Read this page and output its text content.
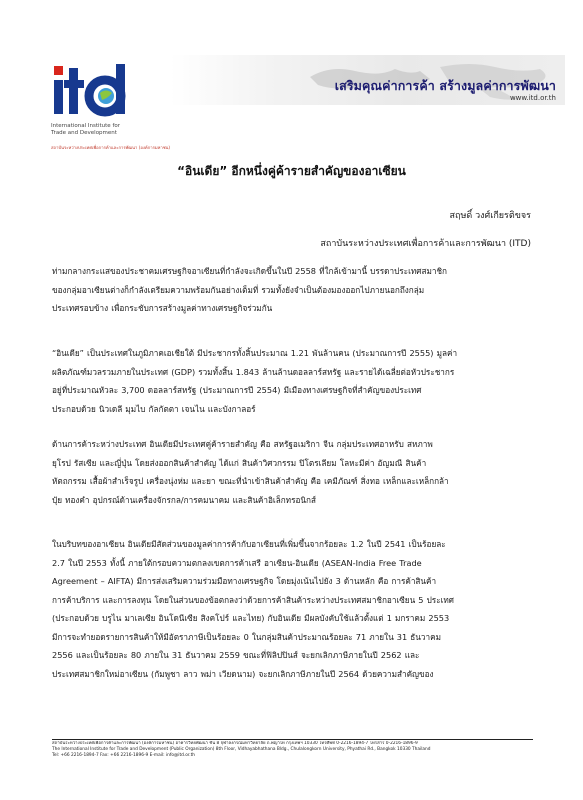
International Institute for
Trade and Development
สถาบันระหว่างประเทศเพื่อการค้าและการพัฒนา (องค์การมหาชน)
เสริมคุณค่าการค้า สร้างมูลค่าการพัฒนา
www.itd.or.th
“อินเดีย” อีกหนึ่งคู่ค้ารายสำคัญของอาเซียน
สฤษดิ์ วงศ์เกียรติขจร
สถาบันระหว่างประเทศเพื่อการค้าและการพัฒนา (ITD)
ท่ามกลางกระแสของประชาคมเศรษฐกิจอาเซียนที่กำลังจะเกิดขึ้นในปี 2558 ที่ใกล้เข้ามานี้ บรรดาประเทศสมาชิก
ของกลุ่มอาเซียนต่างก็กำลังเตรียมความพร้อมกันอย่างเต็มที่ รวมทั้งยังจำเป็นต้องมองออกไปภายนอกถึงกลุ่ม
ประเทศรอบข้าง เพื่อกระชับการสร้างมูลค่าทางเศรษฐกิจร่วมกัน
“อินเดีย” เป็นประเทศในภูมิภาคเอเชียใต้ มีประชากรทั้งสิ้นประมาณ 1.21 พันล้านคน (ประมาณการปี 2555) มูลค่า
ผลิตภัณฑ์มวลรวมภายในประเทศ (GDP) รวมทั้งสิ้น 1.843 ล้านล้านดอลลาร์สหรัฐ และรายได้เฉลี่ยต่อหัวประชากร
อยู่ที่ประมาณหัวละ 3,700 ดอลลาร์สหรัฐ (ประมาณการปี 2554) มีเมืองทางเศรษฐกิจที่สำคัญของประเทศ
ประกอบด้วย นิวเดลี มุมไบ กัลกัตตา เจนไน และบังกาลอร์
ด้านการค้าระหว่างประเทศ อินเดียมีประเทศคู่ค้ารายสำคัญ คือ สหรัฐอเมริกา จีน กลุ่มประเทศอาหรับ สหภาพ
ยุโรป รัสเซีย และญี่ปุ่น โดยส่งออกสินค้าสำคัญ ได้แก่ สินค้าวิศวกรรม ปิโตรเลียม โลหะมีค่า อัญมณี สินค้า
หัตถกรรม เสื้อผ้าสำเร็จรูป เครื่องนุ่งห่ม และยา ขณะที่นำเข้าสินค้าสำคัญ คือ เคมีภัณฑ์ สิ่งทอ เหล็กและเหล็กกล้า
ปุ๋ย ทองคำ อุปกรณ์ด้านเครื่องจักรกล/การคมนาคม และสินค้าอิเล็กทรอนิกส์
ในบริบทของอาเซียน อินเดียมีสัดส่วนของมูลค่าการค้ากับอาเซียนที่เพิ่มขึ้นจากร้อยละ 1.2 ในปี 2541 เป็นร้อยละ
2.7 ในปี 2553 ทั้งนี้ ภายใต้กรอบความตกลงเขตการค้าเสรี อาเซียน-อินเดีย (ASEAN-India Free Trade
Agreement – AIFTA) มีการส่งเสริมความร่วมมือทางเศรษฐกิจ โดยมุ่งเน้นไปยัง 3 ด้านหลัก คือ การค้าสินค้า
การค้าบริการ และการลงทุน โดยในส่วนของข้อตกลงว่าด้วยการค้าสินค้าระหว่างประเทศสมาชิกอาเซียน 5 ประเทศ
(ประกอบด้วย บรูไน มาเลเซีย อินโดนีเซีย สิงคโปร์ และไทย) กับอินเดีย มีผลบังคับใช้แล้วตั้งแต่ 1 มกราคม 2553
มีการจะทำยอดรายการสินค้าให้มีอัตราภาษีเป็นร้อยละ 0 ในกลุ่มสินค้าประมาณร้อยละ 71 ภายใน 31 ธันวาคม
2556 และเป็นร้อยละ 80 ภายใน 31 ธันวาคม 2559 ขณะที่ฟิลิปปินส์ จะยกเลิกภาษีภายในปี 2562 และ
ประเทศสมาชิกใหม่อาเซียน (กัมพูชา ลาว พม่า เวียดนาม) จะยกเลิกภาษีภายในปี 2564 ด้วยความสำคัญของ
สถาบันระหว่างประเทศเพื่อการค้าและการพัฒนา (องค์การมหาชน) อาคารวิทยพัฒนา ชั้น 8 จุฬาลงกรณ์มหาวิทยาลัย ถ.พญาไท กรุงเทพฯ 10330 โทรศัพท์ 0-2216-1894-7 โทรสาร 0-2216-1896-9
The International Institute for Trade and Development (Public Organization) 8th Floor, Vidhayabhathana Bldg., Chulalongkorn University, Phyathai Rd., Bangkok 10330 Thailand
Tel: +66 2216-1894-7 Fax: +66 2216-1896-9 E-mail: info@itd.or.th
